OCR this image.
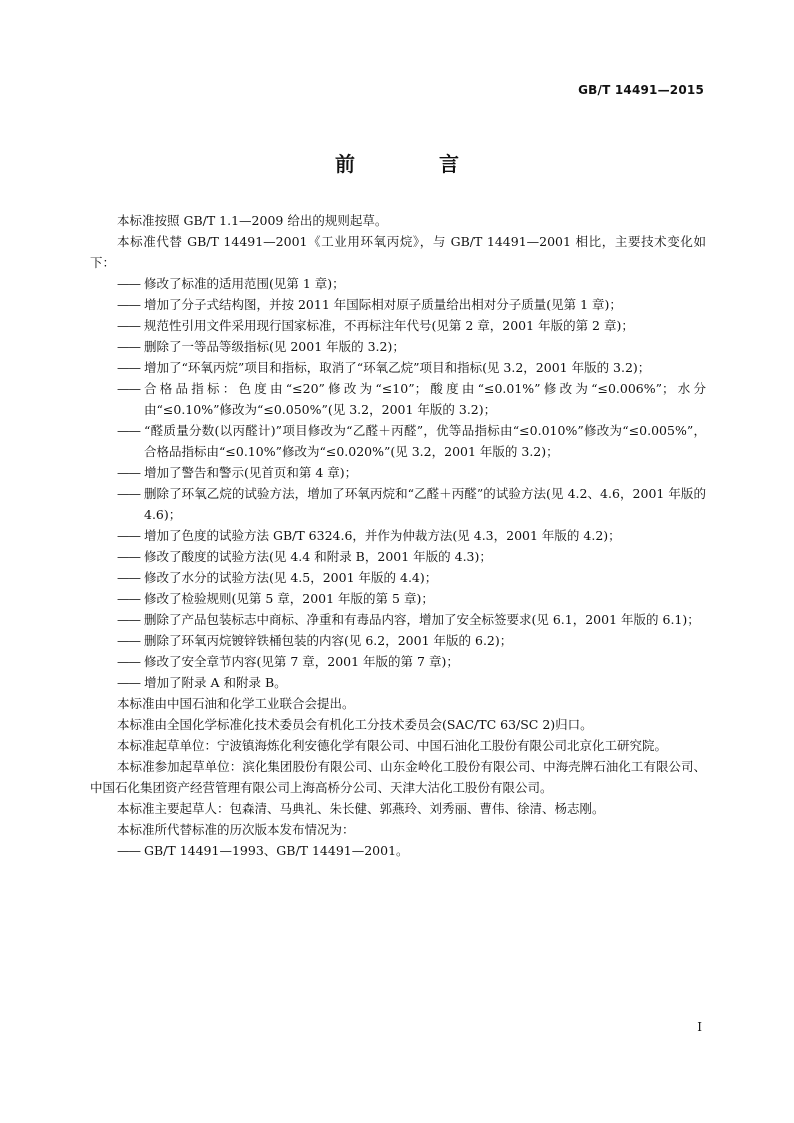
GB/T 14491—2015
前　言

本标准按照 GB/T 1.1—2009 给出的规则起草。

本标准代替 GB/T 14491—2001《工业用环氧丙烷》，与 GB/T 14491—2001 相比，主要技术变化如下：

—— 修改了标准的适用范围(见第 1 章)；
—— 增加了分子式结构图，并按 2011 年国际相对原子质量给出相对分子质量(见第 1 章)；
—— 规范性引用文件采用现行国家标准，不再标注年代号(见第 2 章，2001 年版的第 2 章)；
—— 删除了一等品等级指标(见 2001 年版的 3.2)；
—— 增加了“环氧丙烷”项目和指标，取消了“环氧乙烷”项目和指标(见 3.2，2001 年版的 3.2)；
—— 合格品指标：色度由“≤20”修改为“≤10”；酸度由“≤0.01%”修改为“≤0.006%”；水分由“≤0.10%”修改为“≤0.050%”(见 3.2，2001 年版的 3.2)；
—— “醛质量分数(以丙醛计)”项目修改为“乙醛＋丙醛”，优等品指标由“≤0.010%”修改为“≤0.005%”，合格品指标由“≤0.10%”修改为“≤0.020%”(见 3.2，2001 年版的 3.2)；
—— 增加了警告和警示(见首页和第 4 章)；
—— 删除了环氧乙烷的试验方法，增加了环氧丙烷和“乙醛＋丙醛”的试验方法(见 4.2、4.6，2001 年版的 4.6)；
—— 增加了色度的试验方法 GB/T 6324.6，并作为仲裁方法(见 4.3，2001 年版的 4.2)；
—— 修改了酸度的试验方法(见 4.4 和附录 B，2001 年版的 4.3)；
—— 修改了水分的试验方法(见 4.5，2001 年版的 4.4)；
—— 修改了检验规则(见第 5 章，2001 年版的第 5 章)；
—— 删除了产品包装标志中商标、净重和有毒品内容，增加了安全标签要求(见 6.1，2001 年版的 6.1)；
—— 删除了环氧丙烷镀锌铁桶包装的内容(见 6.2，2001 年版的 6.2)；
—— 修改了安全章节内容(见第 7 章，2001 年版的第 7 章)；
—— 增加了附录 A 和附录 B。

本标准由中国石油和化学工业联合会提出。

本标准由全国化学标准化技术委员会有机化工分技术委员会(SAC/TC 63/SC 2)归口。

本标准起草单位：宁波镇海炼化利安德化学有限公司、中国石油化工股份有限公司北京化工研究院。

本标准参加起草单位：滨化集团股份有限公司、山东金岭化工股份有限公司、中海壳牌石油化工有限公司、中国石化集团资产经营管理有限公司上海高桥分公司、天津大沽化工股份有限公司。

本标准主要起草人：包森清、马典礼、朱长健、郭燕玲、刘秀丽、曹伟、徐清、杨志刚。

本标准所代替标准的历次版本发布情况为：

—— GB/T 14491—1993、GB/T 14491—2001。
I
